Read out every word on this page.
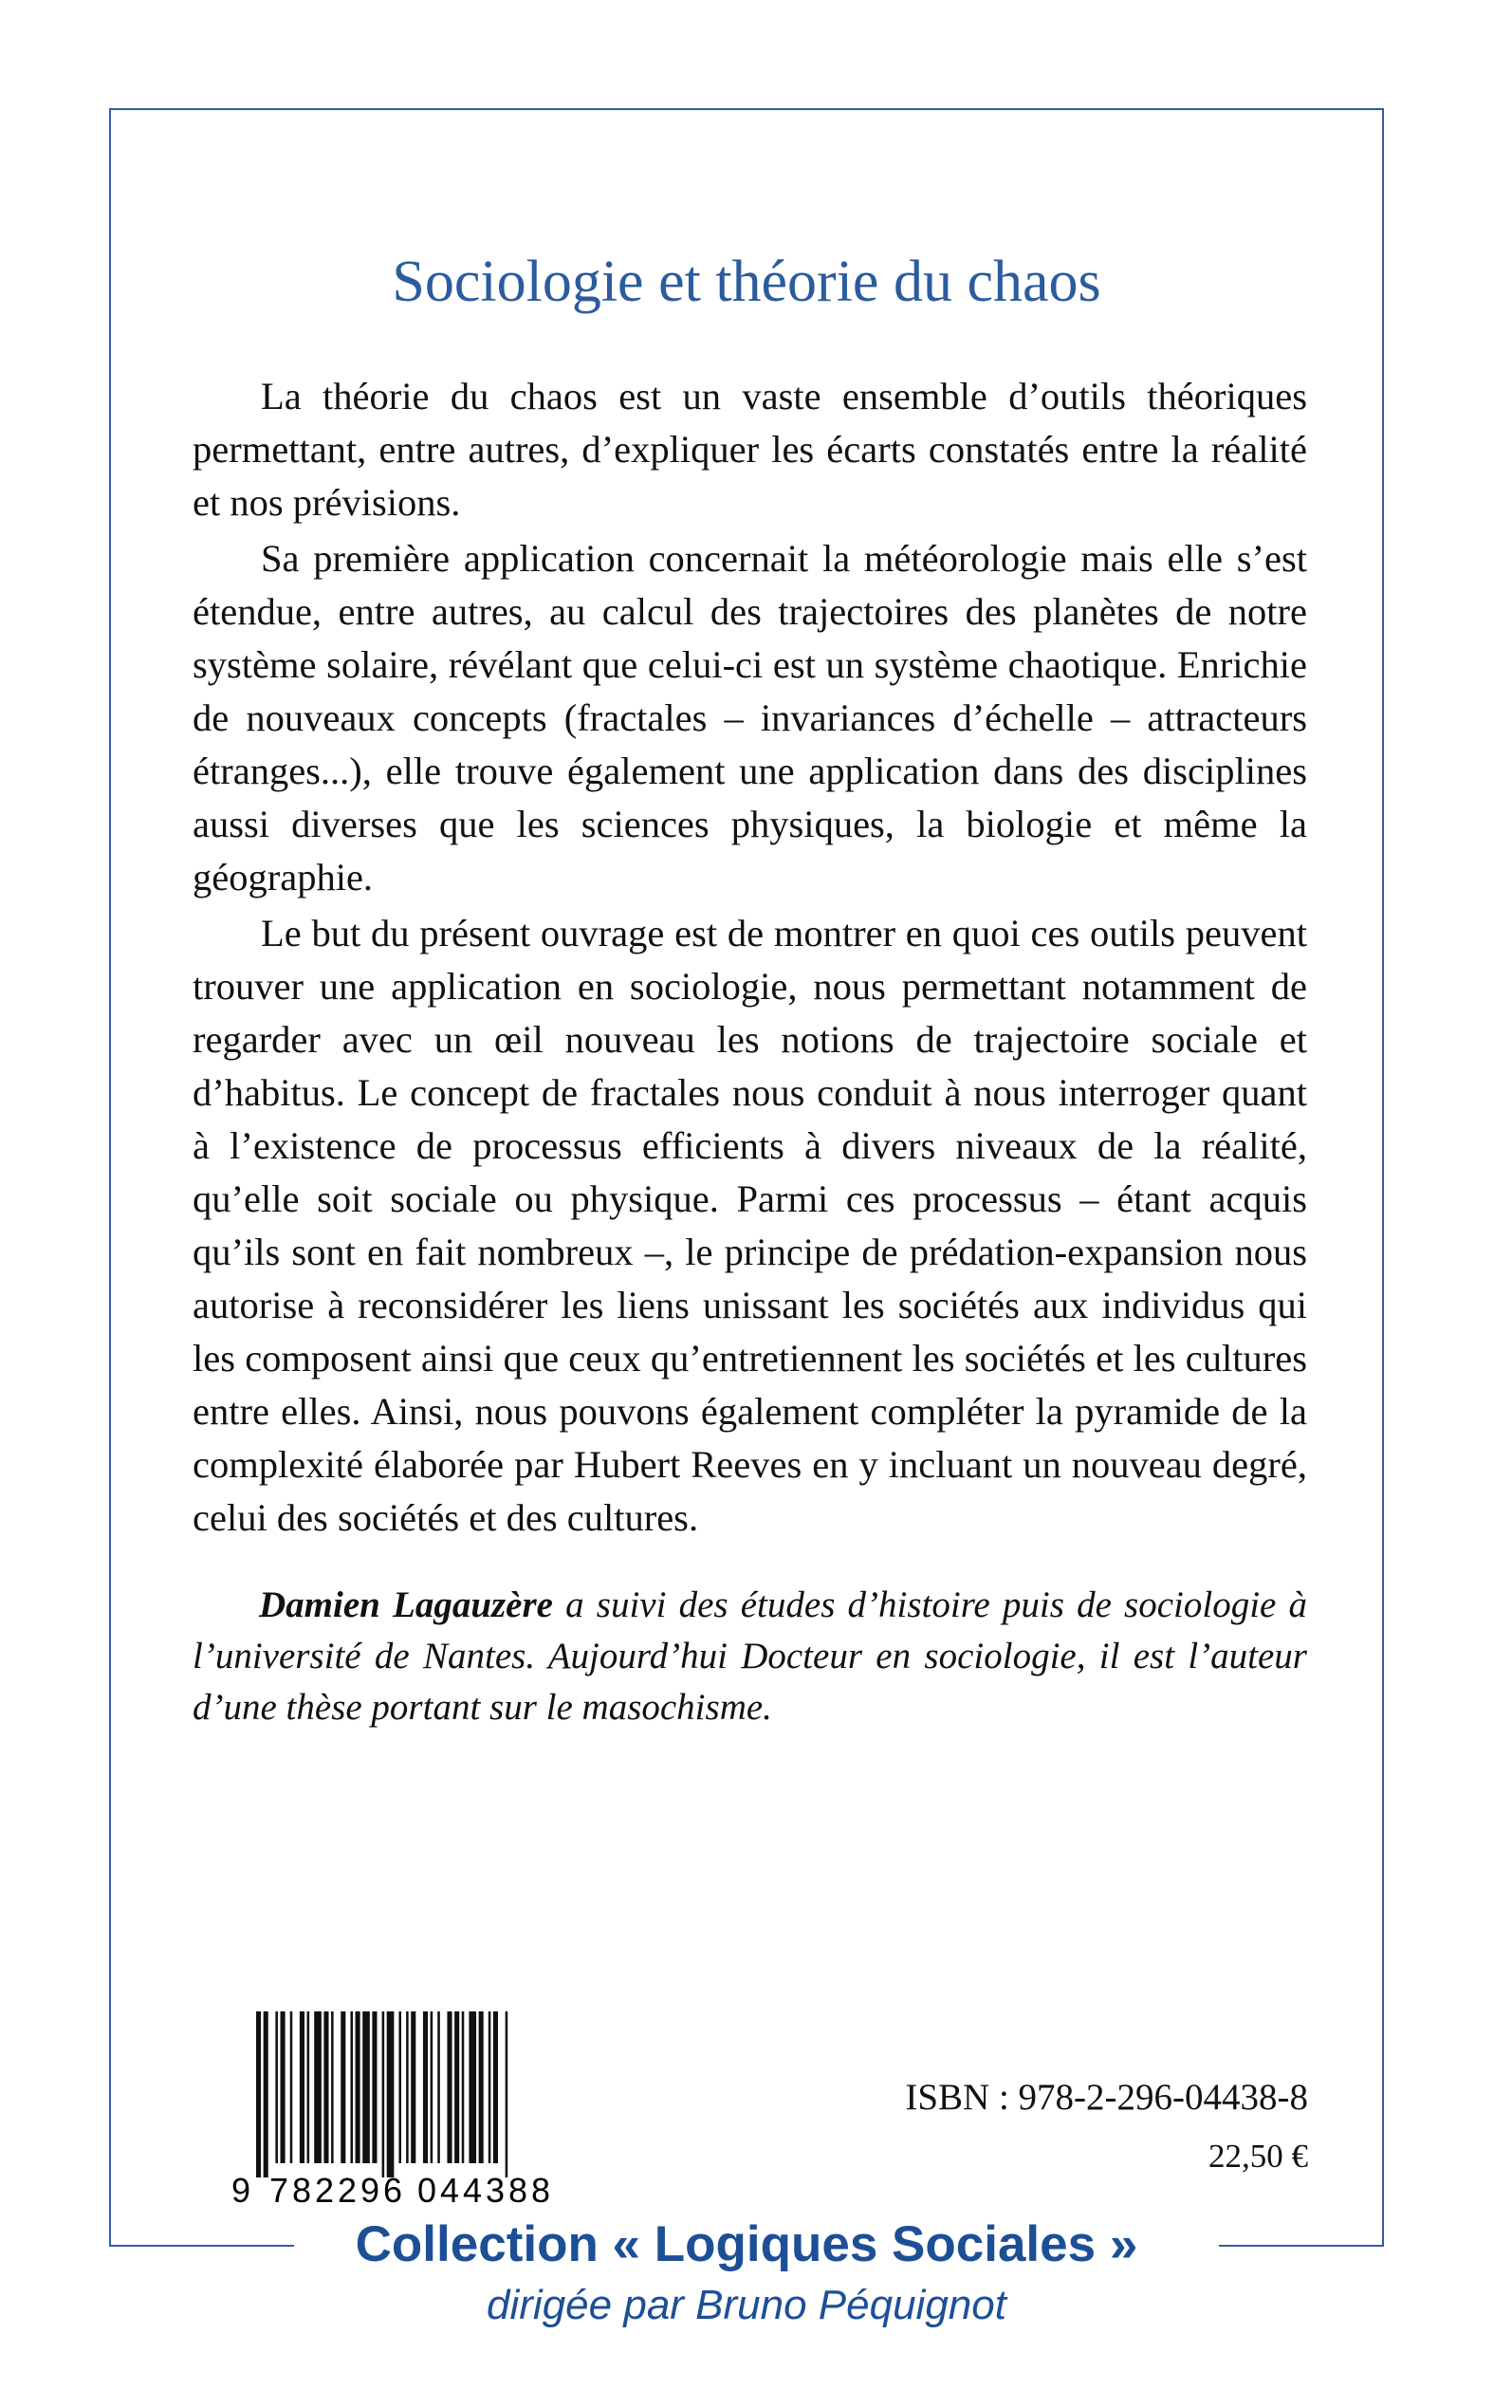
Sociologie et théorie du chaos

La théorie du chaos est un vaste ensemble d’outils théoriques permettant, entre autres, d’expliquer les écarts constatés entre la réalité et nos prévisions.

Sa première application concernait la météorologie mais elle s’est étendue, entre autres, au calcul des trajectoires des planètes de notre système solaire, révélant que celui-ci est un système chaotique. Enrichie de nouveaux concepts (fractales – invariances d’échelle – attracteurs étranges...), elle trouve également une application dans des disciplines aussi diverses que les sciences physiques, la biologie et même la géographie.

Le but du présent ouvrage est de montrer en quoi ces outils peuvent trouver une application en sociologie, nous permettant notamment de regarder avec un œil nouveau les notions de trajectoire sociale et d’habitus. Le concept de fractales nous conduit à nous interroger quant à l’existence de processus efficients à divers niveaux de la réalité, qu’elle soit sociale ou physique. Parmi ces processus – étant acquis qu’ils sont en fait nombreux –, le principe de prédation-expansion nous autorise à reconsidérer les liens unissant les sociétés aux individus qui les composent ainsi que ceux qu’entretiennent les sociétés et les cultures entre elles. Ainsi, nous pouvons également compléter la pyramide de la complexité élaborée par Hubert Reeves en y incluant un nouveau degré, celui des sociétés et des cultures.

Damien Lagauzère a suivi des études d’histoire puis de sociologie à l’université de Nantes. Aujourd’hui Docteur en sociologie, il est l’auteur d’une thèse portant sur le masochisme.

9 782296 044388
ISBN : 978-2-296-04438-8
22,50 €
Collection « Logiques Sociales »
dirigée par Bruno Péquignot
